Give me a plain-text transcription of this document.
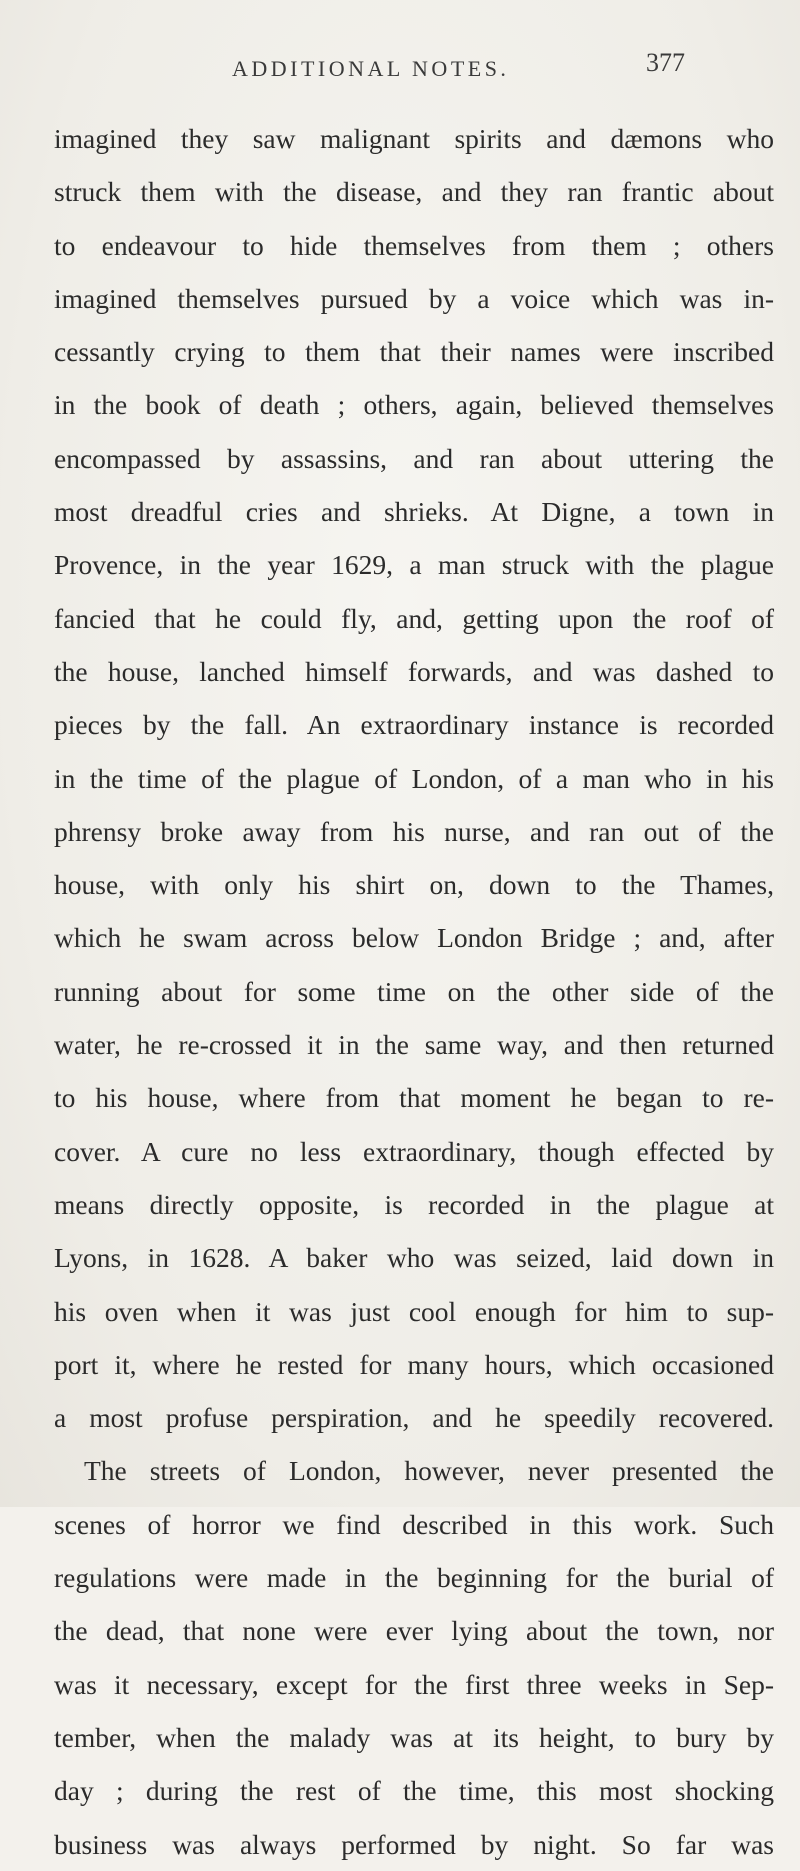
ADDITIONAL NOTES.	377
imagined they saw malignant spirits and dæmons who
struck them with the disease, and they ran frantic about
to endeavour to hide themselves from them ; others
imagined themselves pursued by a voice which was in-
cessantly crying to them that their names were inscribed
in the book of death ; others, again, believed themselves
encompassed by assassins, and ran about uttering the
most dreadful cries and shrieks. At Digne, a town in
Provence, in the year 1629, a man struck with the plague
fancied that he could fly, and, getting upon the roof of
the house, lanched himself forwards, and was dashed to
pieces by the fall. An extraordinary instance is recorded
in the time of the plague of London, of a man who in his
phrensy broke away from his nurse, and ran out of the
house, with only his shirt on, down to the Thames,
which he swam across below London Bridge ; and, after
running about for some time on the other side of the
water, he re-crossed it in the same way, and then returned
to his house, where from that moment he began to re-
cover. A cure no less extraordinary, though effected by
means directly opposite, is recorded in the plague at
Lyons, in 1628. A baker who was seized, laid down in
his oven when it was just cool enough for him to sup-
port it, where he rested for many hours, which occasioned
a most profuse perspiration, and he speedily recovered.
The streets of London, however, never presented the
scenes of horror we find described in this work. Such
regulations were made in the beginning for the burial of
the dead, that none were ever lying about the town, nor
was it necessary, except for the first three weeks in Sep-
tember, when the malady was at its height, to bury by
day ; during the rest of the time, this most shocking
business was always performed by night. So far was
